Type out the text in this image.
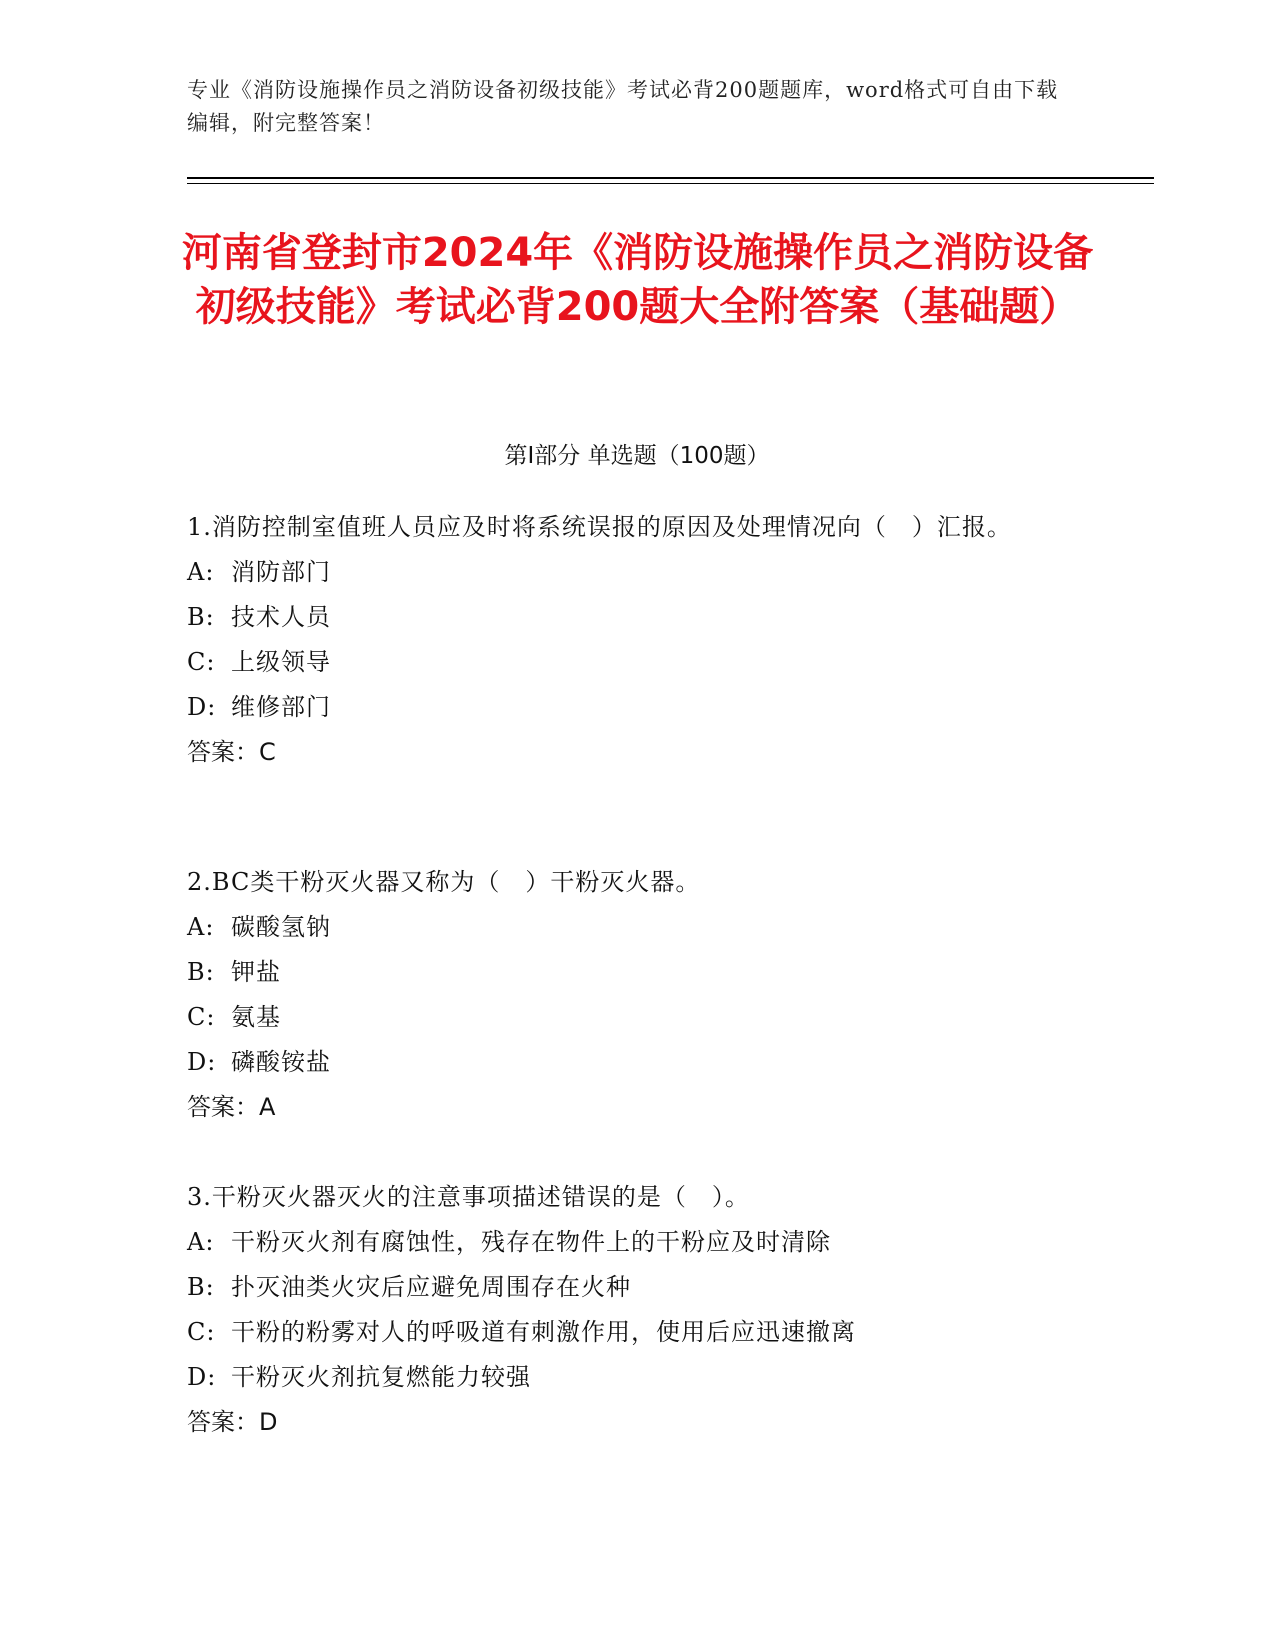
专业《消防设施操作员之消防设备初级技能》考试必背200题题库，word格式可自由下载编辑，附完整答案！
河南省登封市2024年《消防设施操作员之消防设备初级技能》考试必背200题大全附答案（基础题）
第Ⅰ部分 单选题（100题）
1.消防控制室值班人员应及时将系统误报的原因及处理情况向（　）汇报。
A: 消防部门
B: 技术人员
C: 上级领导
D: 维修部门
答案：C
2.BC类干粉灭火器又称为（　）干粉灭火器。
A: 碳酸氢钠
B: 钾盐
C: 氨基
D: 磷酸铵盐
答案：A
3.干粉灭火器灭火的注意事项描述错误的是（　）。
A: 干粉灭火剂有腐蚀性，残存在物件上的干粉应及时清除
B: 扑灭油类火灾后应避免周围存在火种
C: 干粉的粉雾对人的呼吸道有刺激作用，使用后应迅速撤离
D: 干粉灭火剂抗复燃能力较强
答案：D
